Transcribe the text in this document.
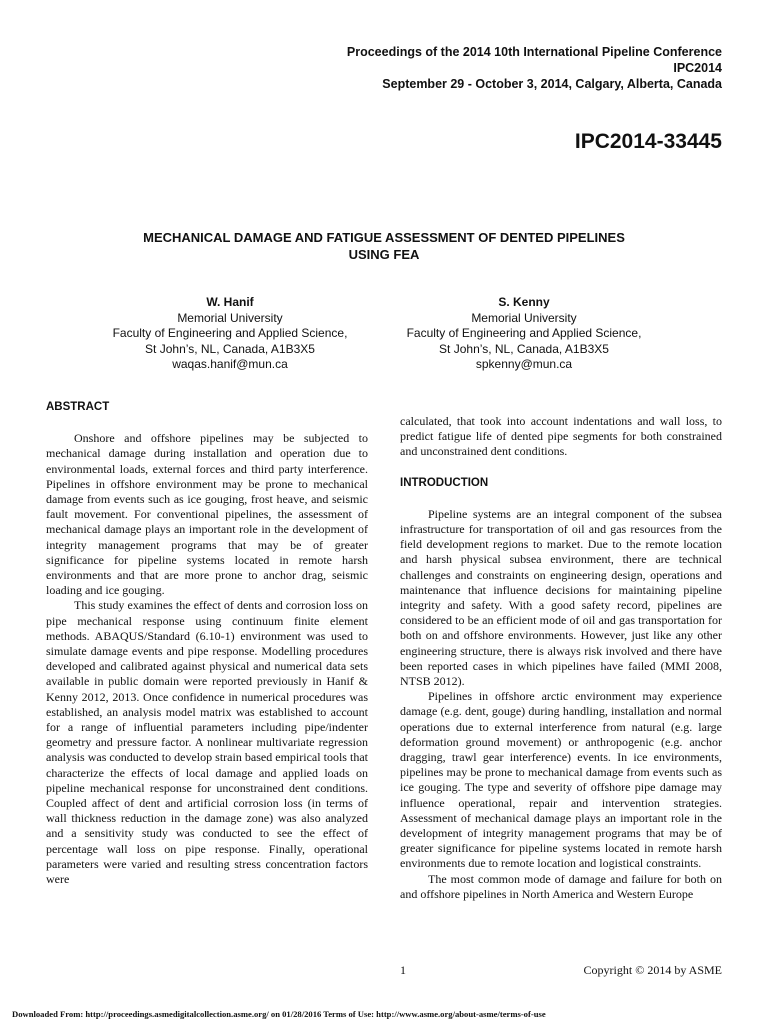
Proceedings of the 2014 10th International Pipeline Conference
IPC2014
September 29 - October 3, 2014, Calgary, Alberta, Canada
IPC2014-33445
MECHANICAL DAMAGE AND FATIGUE ASSESSMENT OF DENTED PIPELINES
USING FEA
W. Hanif
Memorial University
Faculty of Engineering and Applied Science,
St John’s, NL, Canada, A1B3X5
waqas.hanif@mun.ca
S. Kenny
Memorial University
Faculty of Engineering and Applied Science,
St John’s, NL, Canada, A1B3X5
spkenny@mun.ca
ABSTRACT

Onshore and offshore pipelines may be subjected to mechanical damage during installation and operation due to environmental loads, external forces and third party interference. Pipelines in offshore environment may be prone to mechanical damage from events such as ice gouging, frost heave, and seismic fault movement. For conventional pipelines, the assessment of mechanical damage plays an important role in the development of integrity management programs that may be of greater significance for pipeline systems located in remote harsh environments and that are more prone to anchor drag, seismic loading and ice gouging.

This study examines the effect of dents and corrosion loss on pipe mechanical response using continuum finite element methods. ABAQUS/Standard (6.10-1) environment was used to simulate damage events and pipe response. Modelling procedures developed and calibrated against physical and numerical data sets available in public domain were reported previously in Hanif & Kenny 2012, 2013. Once confidence in numerical procedures was established, an analysis model matrix was established to account for a range of influential parameters including pipe/indenter geometry and pressure factor. A nonlinear multivariate regression analysis was conducted to develop strain based empirical tools that characterize the effects of local damage and applied loads on pipeline mechanical response for unconstrained dent conditions. Coupled affect of dent and artificial corrosion loss (in terms of wall thickness reduction in the damage zone) was also analyzed and a sensitivity study was conducted to see the effect of percentage wall loss on pipe response. Finally, operational parameters were varied and resulting stress concentration factors were

calculated, that took into account indentations and wall loss, to predict fatigue life of dented pipe segments for both constrained and unconstrained dent conditions.

INTRODUCTION

Pipeline systems are an integral component of the subsea infrastructure for transportation of oil and gas resources from the field development regions to market. Due to the remote location and harsh physical subsea environment, there are technical challenges and constraints on engineering design, operations and maintenance that influence decisions for maintaining pipeline integrity and safety. With a good safety record, pipelines are considered to be an efficient mode of oil and gas transportation for both on and offshore environments. However, just like any other engineering structure, there is always risk involved and there have been reported cases in which pipelines have failed (MMI 2008, NTSB 2012).

Pipelines in offshore arctic environment may experience damage (e.g. dent, gouge) during handling, installation and normal operations due to external interference from natural (e.g. large deformation ground movement) or anthropogenic (e.g. anchor dragging, trawl gear interference) events. In ice environments, pipelines may be prone to mechanical damage from events such as ice gouging. The type and severity of offshore pipe damage may influence operational, repair and intervention strategies. Assessment of mechanical damage plays an important role in the development of integrity management programs that may be of greater significance for pipeline systems located in remote harsh environments due to remote location and logistical constraints.

The most common mode of damage and failure for both on and offshore pipelines in North America and Western Europe

1	Copyright © 2014 by ASME
Downloaded From: http://proceedings.asmedigitalcollection.asme.org/ on 01/28/2016 Terms of Use: http://www.asme.org/about-asme/terms-of-use
